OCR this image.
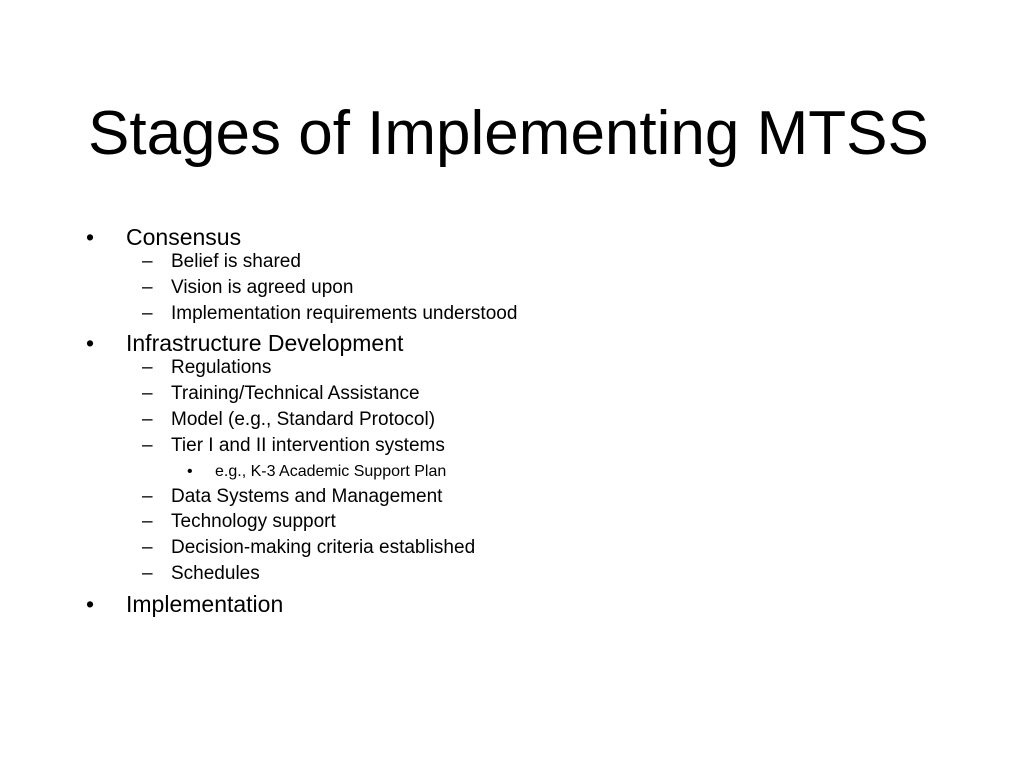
Stages of Implementing MTSS
• Consensus
– Belief is shared
– Vision is agreed upon
– Implementation requirements understood
• Infrastructure Development
– Regulations
– Training/Technical Assistance
– Model (e.g., Standard Protocol)
– Tier I and II intervention systems
• e.g., K-3 Academic Support Plan
– Data Systems and Management
– Technology support
– Decision-making criteria established
– Schedules
• Implementation
